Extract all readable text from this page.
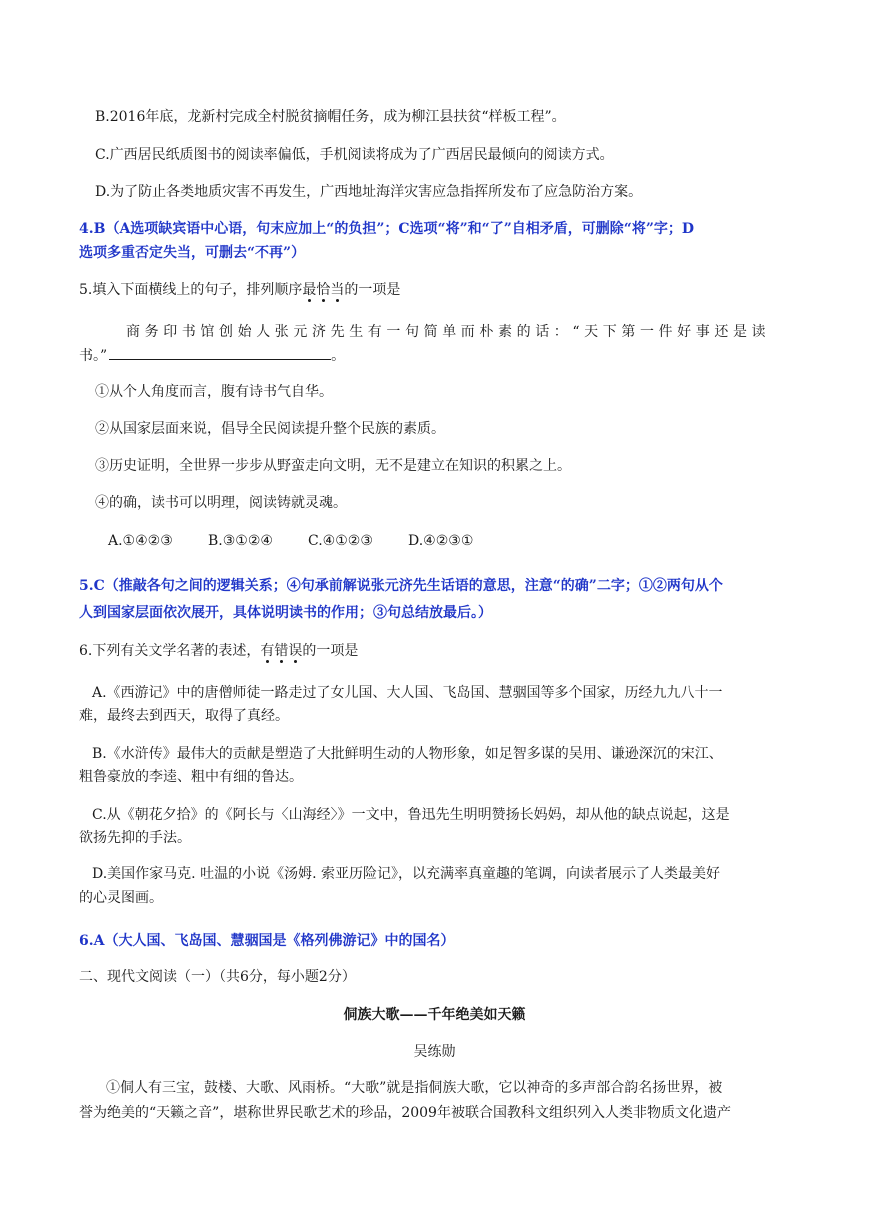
B.2016年底，龙新村完成全村脱贫摘帽任务，成为柳江县扶贫“样板工程”。
C.广西居民纸质图书的阅读率偏低，手机阅读将成为了广西居民最倾向的阅读方式。
D.为了防止各类地质灾害不再发生，广西地址海洋灾害应急指挥所发布了应急防治方案。
4.B（A选项缺宾语中心语，句末应加上“的负担”；C选项“将”和“了”自相矛盾，可删除“将”字；D
选项多重否定失当，可删去“不再”）
5.填入下面横线上的句子，排列顺序最恰当的一项是
商务印书馆创始人张元济先生有一句简单而朴素的话：“天下第一件好事还是读
书。”	。
①从个人角度而言，腹有诗书气自华。
②从国家层面来说，倡导全民阅读提升整个民族的素质。
③历史证明，全世界一步步从野蛮走向文明，无不是建立在知识的积累之上。
④的确，读书可以明理，阅读铸就灵魂。
A.①④②③	B.③①②④	C.④①②③	D.④②③①
5.C（推敲各句之间的逻辑关系；④句承前解说张元济先生话语的意思，注意“的确”二字；①②两句从个
人到国家层面依次展开，具体说明读书的作用；③句总结放最后。）
6.下列有关文学名著的表述，有错误的一项是
A.《西游记》中的唐僧师徒一路走过了女儿国、大人国、飞岛国、慧骃国等多个国家，历经九九八十一
难，最终去到西天，取得了真经。
B.《水浒传》最伟大的贡献是塑造了大批鲜明生动的人物形象，如足智多谋的吴用、谦逊深沉的宋江、
粗鲁豪放的李逵、粗中有细的鲁达。
C.从《朝花夕拾》的《阿长与〈山海经〉》一文中，鲁迅先生明明赞扬长妈妈，却从他的缺点说起，这是
欲扬先抑的手法。
D.美国作家马克. 吐温的小说《汤姆. 索亚历险记》，以充满率真童趣的笔调，向读者展示了人类最美好
的心灵图画。
6.A（大人国、飞岛国、慧骃国是《格列佛游记》中的国名）
二、现代文阅读（一）（共6分，每小题2分）
侗族大歌——千年绝美如天籁
吴练勋
①侗人有三宝，鼓楼、大歌、风雨桥。“大歌”就是指侗族大歌，它以神奇的多声部合韵名扬世界，被
誉为绝美的“天籁之音”，堪称世界民歌艺术的珍品，2009年被联合国教科文组织列入人类非物质文化遗产
